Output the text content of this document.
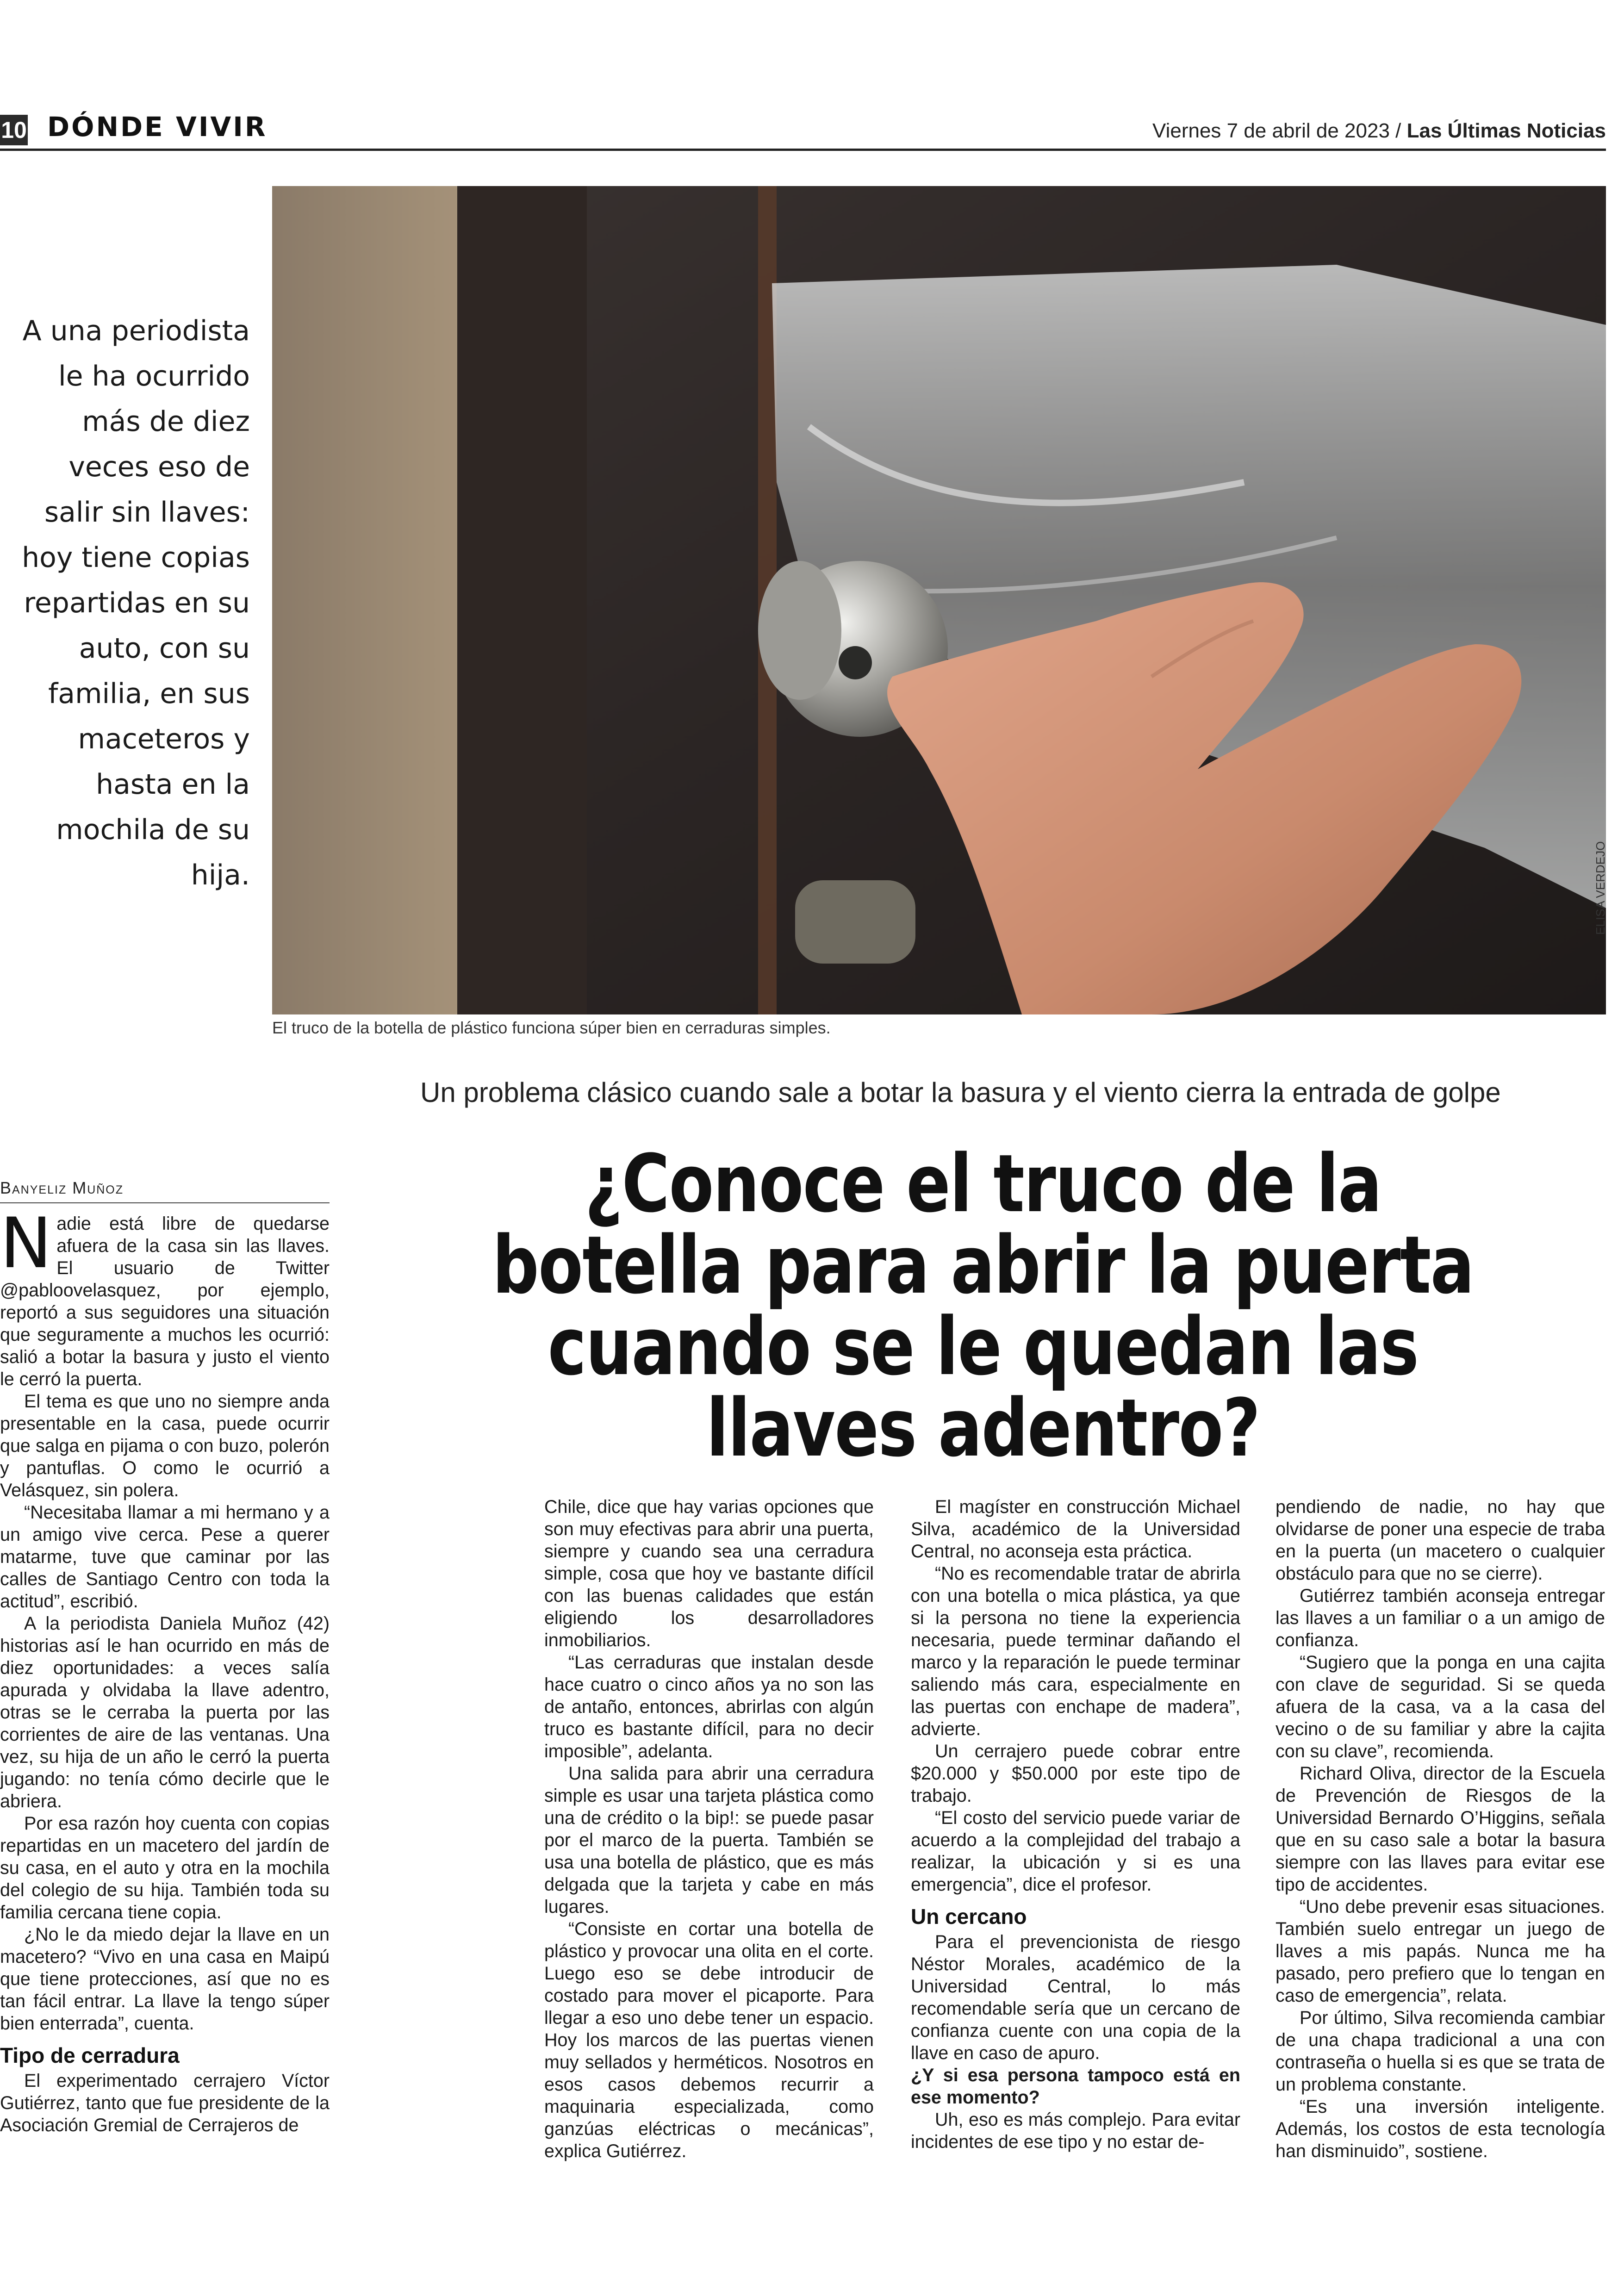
10 DÓNDE VIVIR	Viernes 7 de abril de 2023 / Las Últimas Noticias
A una periodista le ha ocurrido más de diez veces eso de salir sin llaves: hoy tiene copias repartidas en su auto, con su familia, en sus maceteros y hasta en la mochila de su hija.	ELISA VERDEJO
El truco de la botella de plástico funciona súper bien en cerraduras simples.
Un problema clásico cuando sale a botar la basura y el viento cierra la entrada de golpe
Banyeliz Muñoz	¿Conoce el truco de la botella para abrir la puerta cuando se le quedan las llaves adentro?
N adie está libre de quedarse afuera de la casa sin las llaves. El usuario de Twitter @pabloovelasquez, por ejemplo, reportó a sus seguidores una situación que seguramente a muchos les ocurrió: salió a botar la basura y justo el viento le cerró la puerta.

El tema es que uno no siempre anda presentable en la casa, puede ocurrir que salga en pijama o con buzo, polerón y pantuflas. O como le ocurrió a Velásquez, sin polera.

“Necesitaba llamar a mi hermano y a un amigo vive cerca. Pese a querer matarme, tuve que caminar por las calles de Santiago Centro con toda la actitud”, escribió.

A la periodista Daniela Muñoz (42) historias así le han ocurrido en más de diez oportunidades: a veces salía apurada y olvidaba la llave adentro, otras se le cerraba la puerta por las corrientes de aire de las ventanas. Una vez, su hija de un año le cerró la puerta jugando: no tenía cómo decirle que le abriera.

Por esa razón hoy cuenta con copias repartidas en un macetero del jardín de su casa, en el auto y otra en la mochila del colegio de su hija. También toda su familia cercana tiene copia.

¿No le da miedo dejar la llave en un macetero? “Vivo en una casa en Maipú que tiene protecciones, así que no es tan fácil entrar. La llave la tengo súper bien enterrada”, cuenta.

Tipo de cerradura

El experimentado cerrajero Víctor Gutiérrez, tanto que fue presidente de la Asociación Gremial de Cerrajeros de

Chile, dice que hay varias opciones que son muy efectivas para abrir una puerta, siempre y cuando sea una cerradura simple, cosa que hoy ve bastante difícil con las buenas calidades que están eligiendo los desarrolladores inmobiliarios.

“Las cerraduras que instalan desde hace cuatro o cinco años ya no son las de antaño, entonces, abrirlas con algún truco es bastante difícil, para no decir imposible”, adelanta.

Una salida para abrir una cerradura simple es usar una tarjeta plástica como una de crédito o la bip!: se puede pasar por el marco de la puerta. También se usa una botella de plástico, que es más delgada que la tarjeta y cabe en más lugares.

“Consiste en cortar una botella de plástico y provocar una olita en el corte. Luego eso se debe introducir de costado para mover el picaporte. Para llegar a eso uno debe tener un espacio. Hoy los marcos de las puertas vienen muy sellados y herméticos. Nosotros en esos casos debemos recurrir a maquinaria especializada, como ganzúas eléctricas o mecánicas”, explica Gutiérrez.

El magíster en construcción Michael Silva, académico de la Universidad Central, no aconseja esta práctica.

“No es recomendable tratar de abrirla con una botella o mica plástica, ya que si la persona no tiene la experiencia necesaria, puede terminar dañando el marco y la reparación le puede terminar saliendo más cara, especialmente en las puertas con enchape de madera”, advierte.

Un cerrajero puede cobrar entre $20.000 y $50.000 por este tipo de trabajo.

“El costo del servicio puede variar de acuerdo a la complejidad del trabajo a realizar, la ubicación y si es una emergencia”, dice el profesor.

Un cercano

Para el prevencionista de riesgo Néstor Morales, académico de la Universidad Central, lo más recomendable sería que un cercano de confianza cuente con una copia de la llave en caso de apuro.

¿Y si esa persona tampoco está en ese momento?

Uh, eso es más complejo. Para evitar incidentes de ese tipo y no estar de-

pendiendo de nadie, no hay que olvidarse de poner una especie de traba en la puerta (un macetero o cualquier obstáculo para que no se cierre).

Gutiérrez también aconseja entregar las llaves a un familiar o a un amigo de confianza.

“Sugiero que la ponga en una cajita con clave de seguridad. Si se queda afuera de la casa, va a la casa del vecino o de su familiar y abre la cajita con su clave”, recomienda.

Richard Oliva, director de la Escuela de Prevención de Riesgos de la Universidad Bernardo O’Higgins, señala que en su caso sale a botar la basura siempre con las llaves para evitar ese tipo de accidentes.

“Uno debe prevenir esas situaciones. También suelo entregar un juego de llaves a mis papás. Nunca me ha pasado, pero prefiero que lo tengan en caso de emergencia”, relata.

Por último, Silva recomienda cambiar de una chapa tradicional a una con contraseña o huella si es que se trata de un problema constante.

“Es una inversión inteligente. Además, los costos de esta tecnología han disminuido”, sostiene.
